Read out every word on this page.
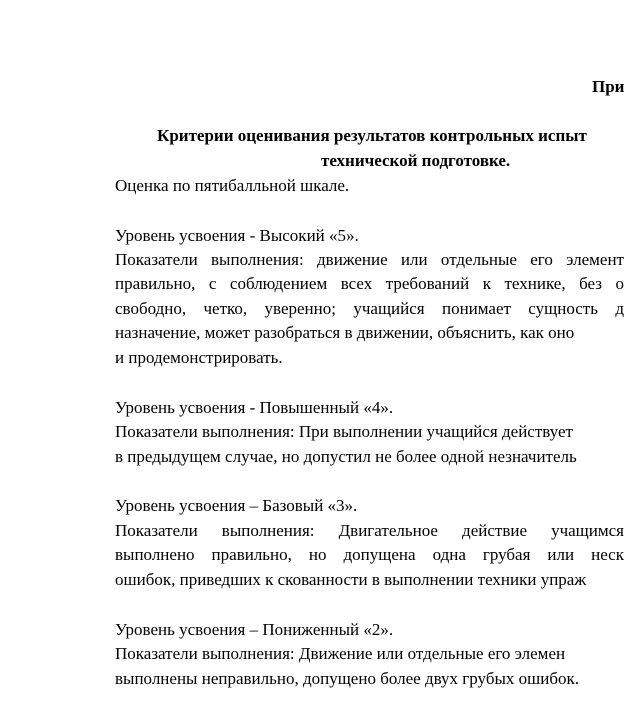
При
Критерии оценивания результатов контрольных испыт
технической подготовке.
Оценка по пятибалльной шкале.
Уровень усвоения - Высокий «5».
Показатели выполнения: движение или отдельные его элемент
правильно, с соблюдением всех требований к технике, без о
свободно, четко, уверенно; учащийся понимает сущность д
назначение, может разобраться в движении, объяснить, как оно
и продемонстрировать.
Уровень усвоения - Повышенный «4».
Показатели выполнения: При выполнении учащийся действует
в предыдущем случае, но допустил не более одной незначитель
Уровень усвоения – Базовый «3».
Показатели выполнения: Двигательное действие учащимся
выполнено правильно, но допущена одна грубая или неск
ошибок, приведших к скованности в выполнении техники упраж
Уровень усвоения – Пониженный «2».
Показатели выполнения: Движение или отдельные его элемен
выполнены неправильно, допущено более двух грубых ошибок.
